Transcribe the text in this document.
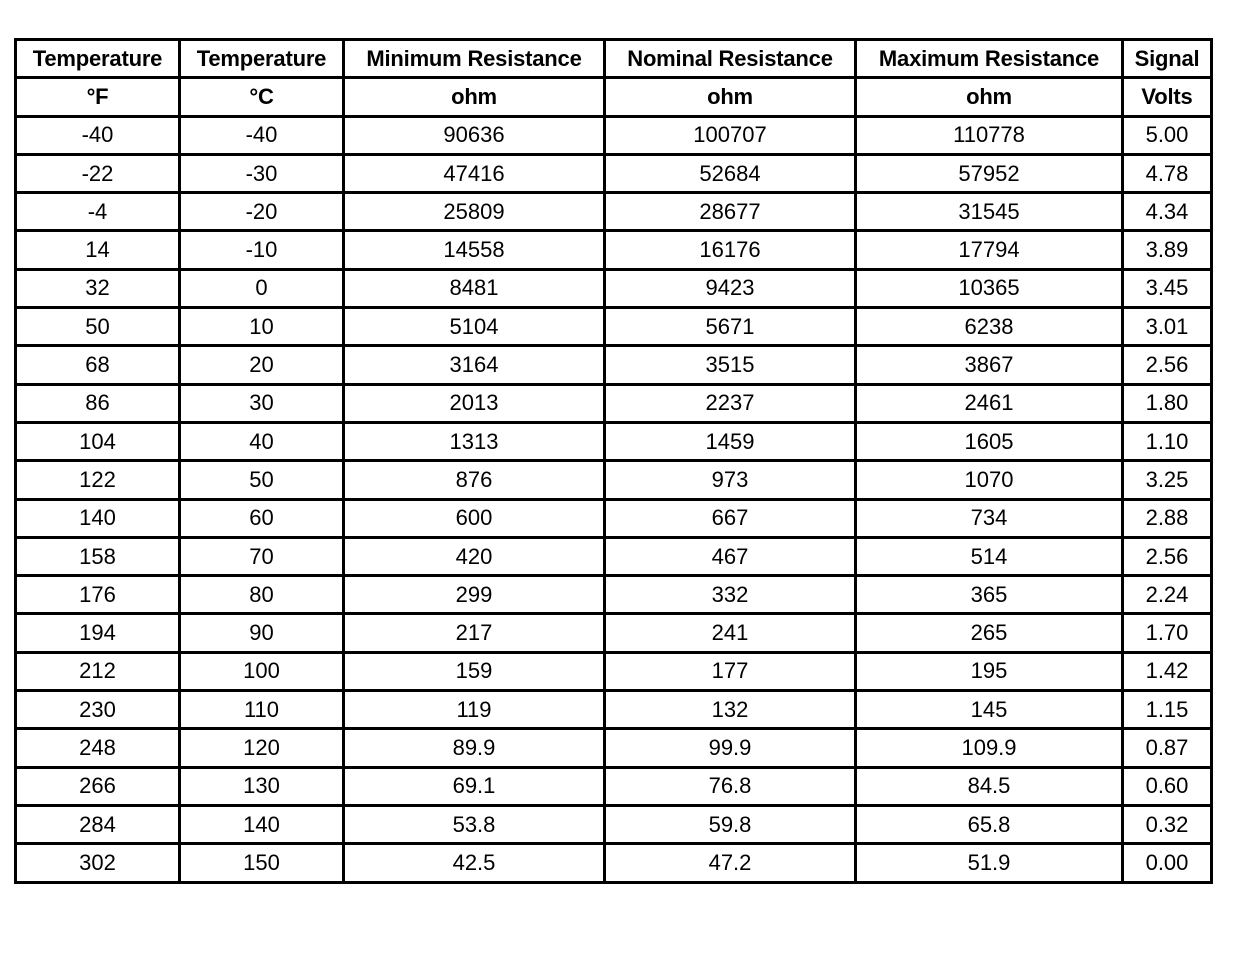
Temperature	Temperature	Minimum Resistance	Nominal Resistance	Maximum Resistance	Signal
°F	°C	ohm	ohm	ohm	Volts
-40	-40	90636	100707	110778	5.00
-22	-30	47416	52684	57952	4.78
-4	-20	25809	28677	31545	4.34
14	-10	14558	16176	17794	3.89
32	0	8481	9423	10365	3.45
50	10	5104	5671	6238	3.01
68	20	3164	3515	3867	2.56
86	30	2013	2237	2461	1.80
104	40	1313	1459	1605	1.10
122	50	876	973	1070	3.25
140	60	600	667	734	2.88
158	70	420	467	514	2.56
176	80	299	332	365	2.24
194	90	217	241	265	1.70
212	100	159	177	195	1.42
230	110	119	132	145	1.15
248	120	89.9	99.9	109.9	0.87
266	130	69.1	76.8	84.5	0.60
284	140	53.8	59.8	65.8	0.32
302	150	42.5	47.2	51.9	0.00
